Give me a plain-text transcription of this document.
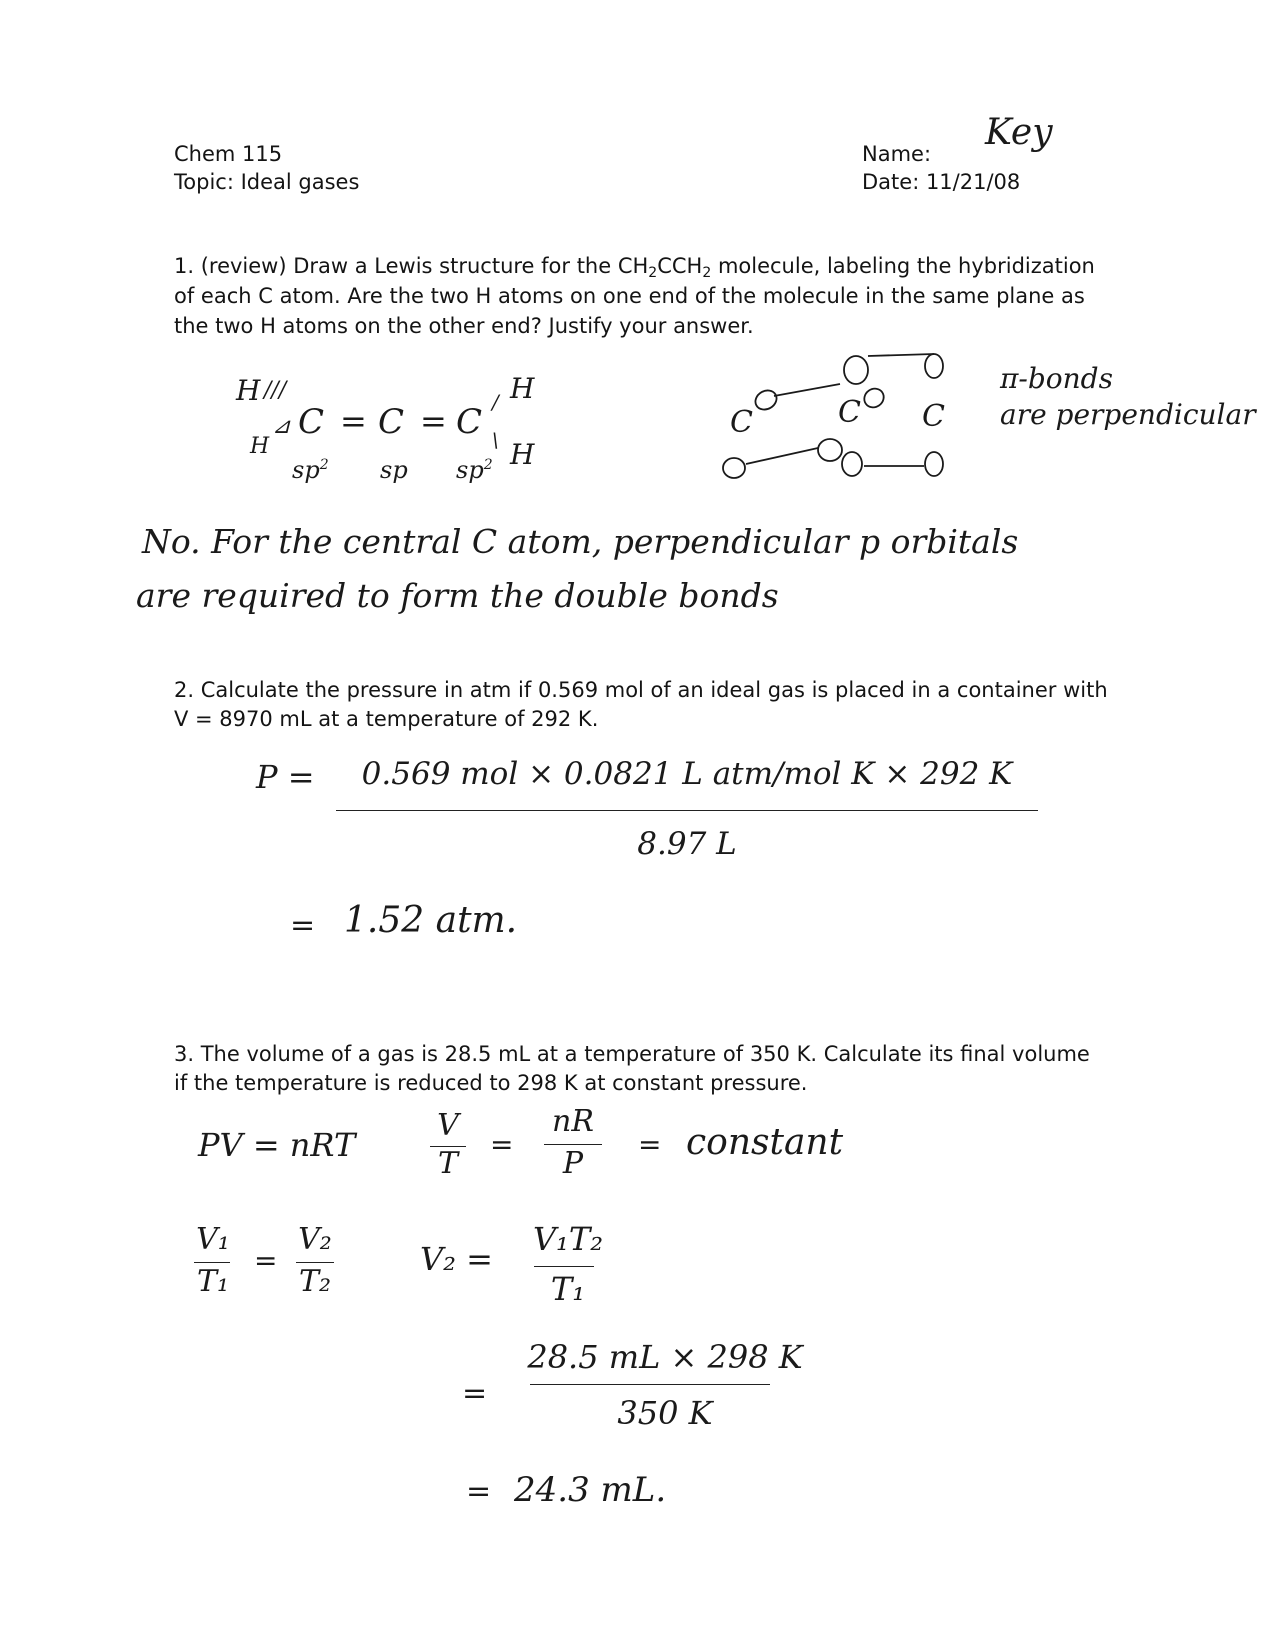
Chem 115
Topic: Ideal gases
Name:
Key
Date: 11/21/08
1. (review) Draw a Lewis structure for the $CH_2CCH_2$ molecule, labeling the hybridization
of each C atom. Are the two H atoms on one end of the molecule in the same plane as
the two H atoms on the other end? Justify your answer.
H ///
H
⊿ C = C = C /
\
H
H
$sp^2$ sp $sp^2$
C	C C
π-bonds
are perpendicular
No. For the central C atom, perpendicular p orbitals
are required to form the double bonds
2. Calculate the pressure in atm if 0.569 mol of an ideal gas is placed in a container with
V = 8970 mL at a temperature of 292 K.
P =	0.569 mol × 0.0821 L atm/mol K × 292 K
8.97 L
= 1.52 atm.
3. The volume of a gas is 28.5 mL at a temperature of 350 K. Calculate its final volume
if the temperature is reduced to 298 K at constant pressure.
PV = nRT
V
T
=
nR
P
= constant
V₁
T₁
=
V₂
T₂
V₂ =
V₁T₂
T₁
=
28.5 mL × 298 K
350 K
= 24.3 mL.
